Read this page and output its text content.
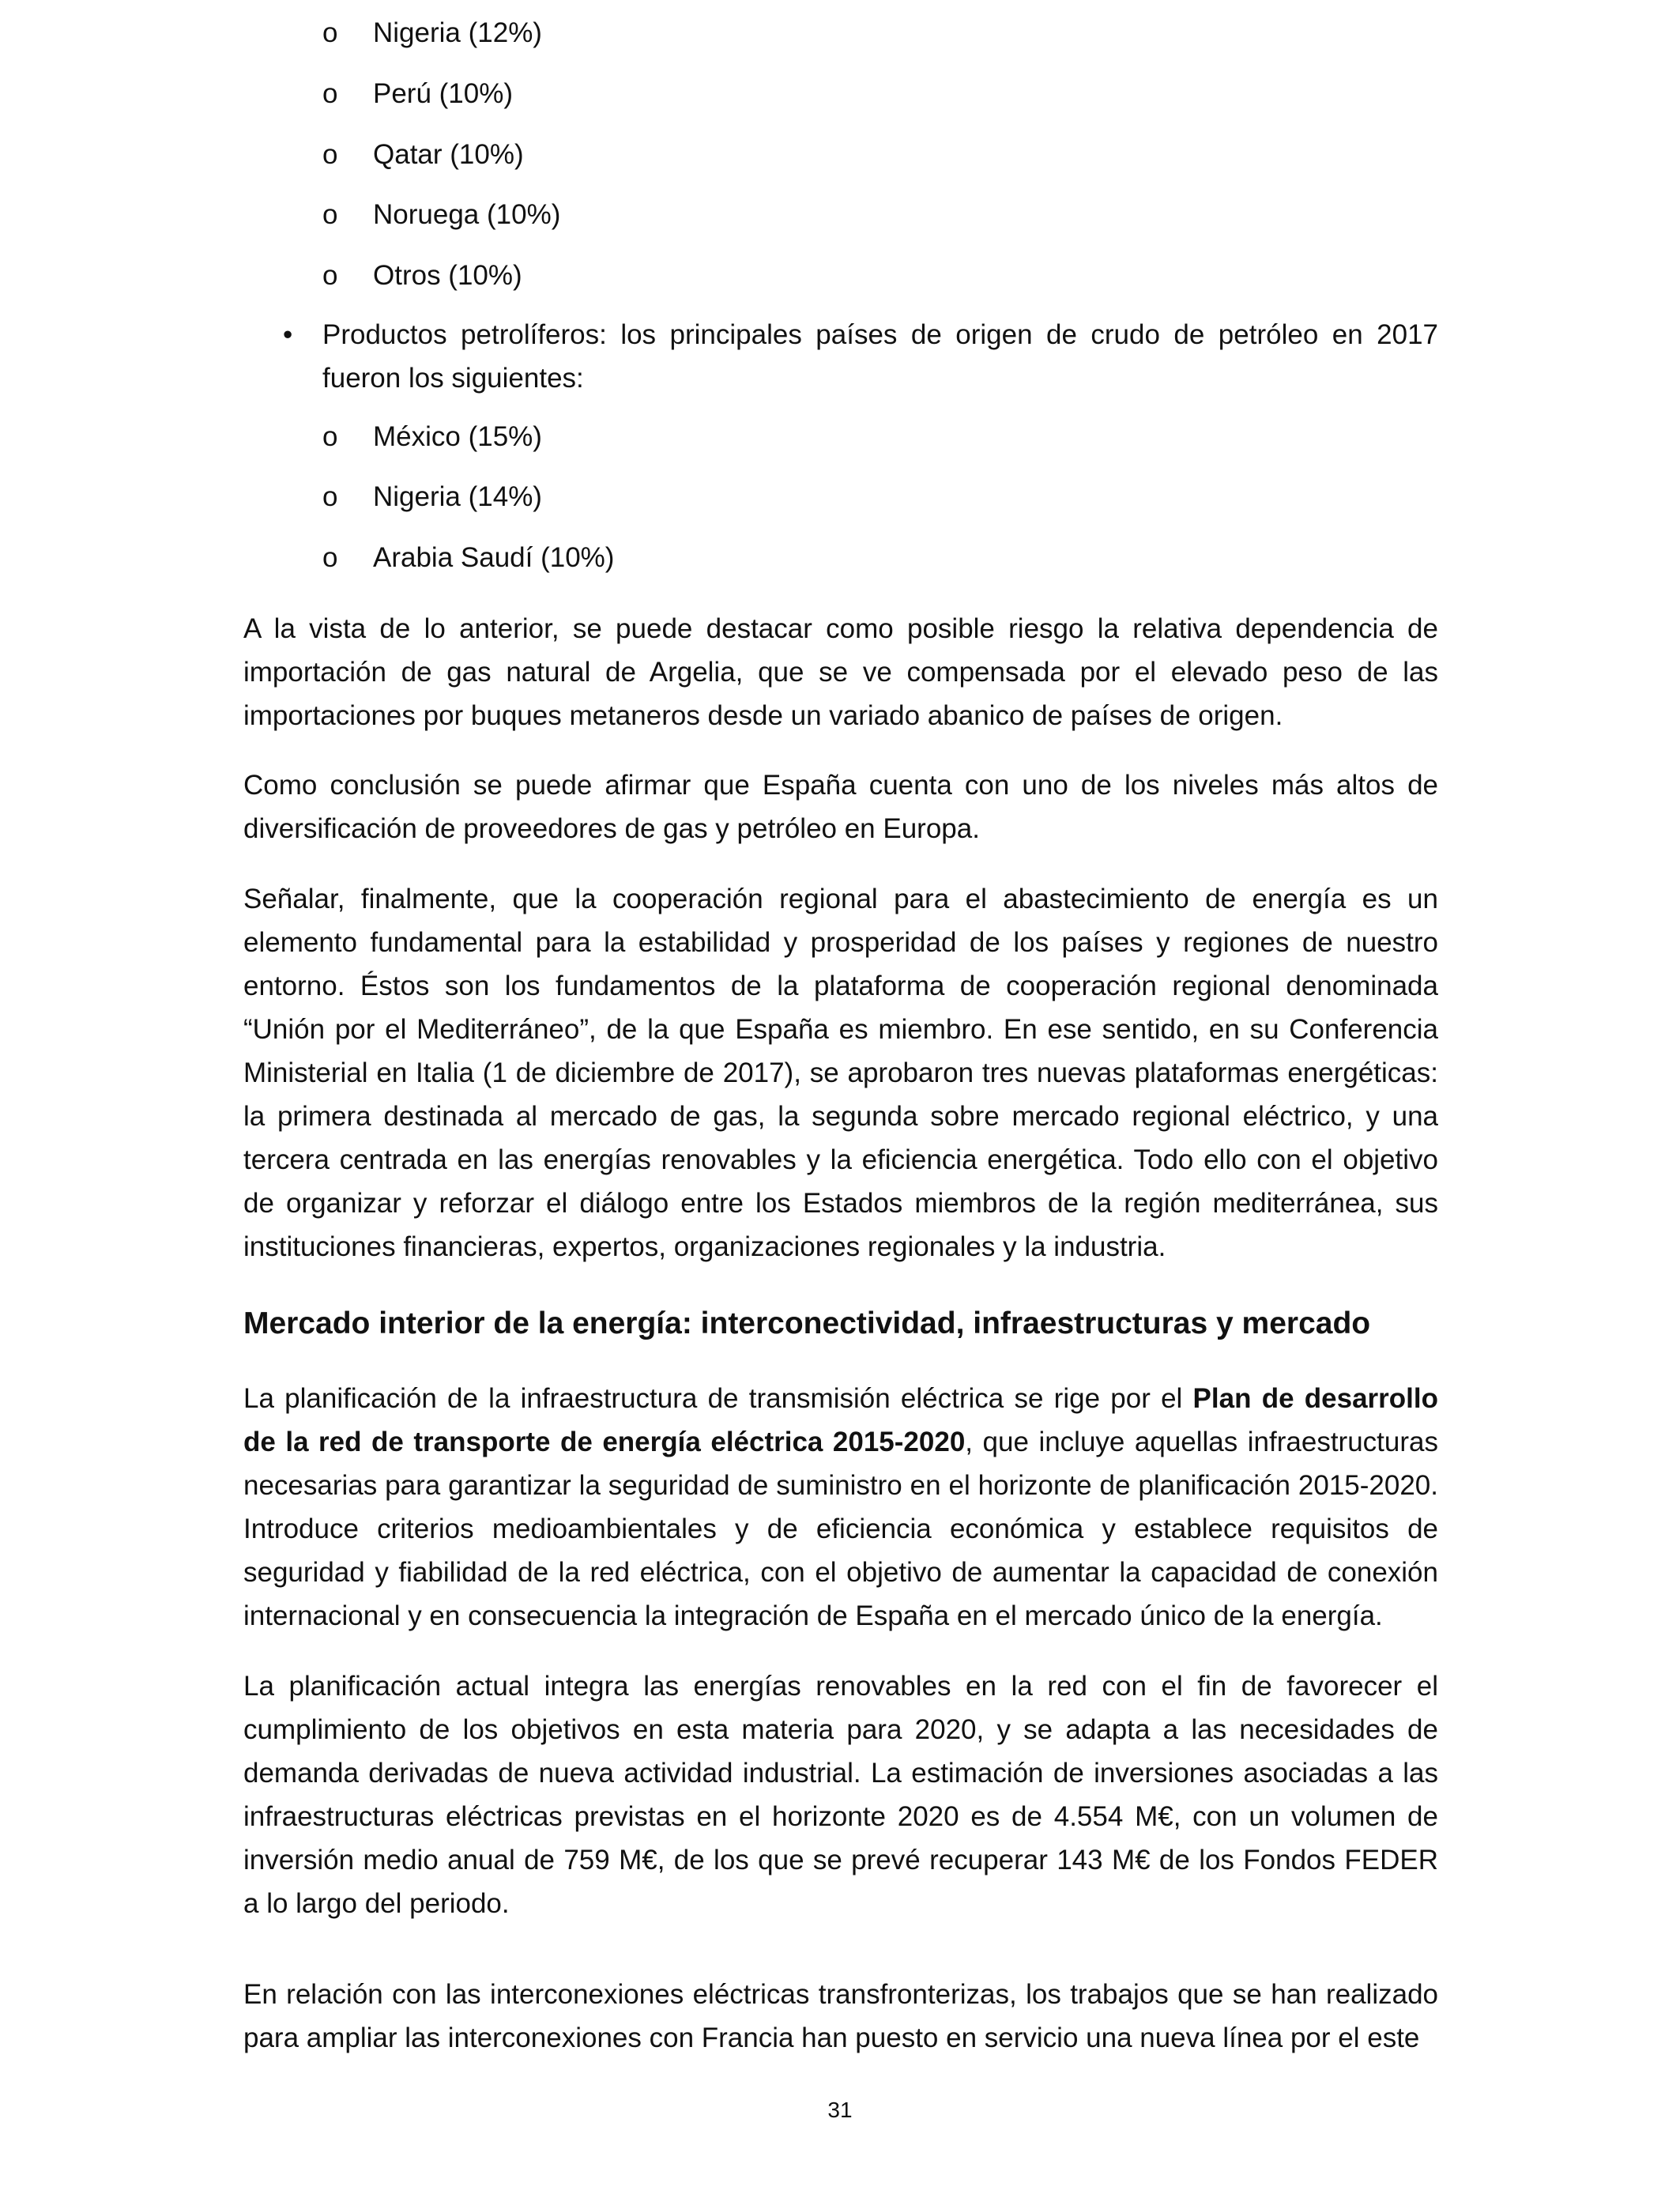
o	Nigeria (12%)
o	Perú (10%)
o	Qatar (10%)
o	Noruega (10%)
o	Otros (10%)
• Productos petrolíferos: los principales países de origen de crudo de petróleo en 2017 fueron los siguientes:
o	México (15%)
o	Nigeria (14%)
o	Arabia Saudí (10%)
A la vista de lo anterior, se puede destacar como posible riesgo la relativa dependencia de importación de gas natural de Argelia, que se ve compensada por el elevado peso de las importaciones por buques metaneros desde un variado abanico de países de origen.
Como conclusión se puede afirmar que España cuenta con uno de los niveles más altos de diversificación de proveedores de gas y petróleo en Europa.
Señalar, finalmente, que la cooperación regional para el abastecimiento de energía es un elemento fundamental para la estabilidad y prosperidad de los países y regiones de nuestro entorno. Éstos son los fundamentos de la plataforma de cooperación regional denominada “Unión por el Mediterráneo”, de la que España es miembro. En ese sentido, en su Conferencia Ministerial en Italia (1 de diciembre de 2017), se aprobaron tres nuevas plataformas energéticas: la primera destinada al mercado de gas, la segunda sobre mercado regional eléctrico, y una tercera centrada en las energías renovables y la eficiencia energética. Todo ello con el objetivo de organizar y reforzar el diálogo entre los Estados miembros de la región mediterránea, sus instituciones financieras, expertos, organizaciones regionales y la industria.
Mercado interior de la energía: interconectividad, infraestructuras y mercado
La planificación de la infraestructura de transmisión eléctrica se rige por el Plan de desarrollo de la red de transporte de energía eléctrica 2015-2020, que incluye aquellas infraestructuras necesarias para garantizar la seguridad de suministro en el horizonte de planificación 2015-2020. Introduce criterios medioambientales y de eficiencia económica y establece requisitos de seguridad y fiabilidad de la red eléctrica, con el objetivo de aumentar la capacidad de conexión internacional y en consecuencia la integración de España en el mercado único de la energía.
La planificación actual integra las energías renovables en la red con el fin de favorecer el cumplimiento de los objetivos en esta materia para 2020, y se adapta a las necesidades de demanda derivadas de nueva actividad industrial. La estimación de inversiones asociadas a las infraestructuras eléctricas previstas en el horizonte 2020 es de 4.554 M€, con un volumen de inversión medio anual de 759 M€, de los que se prevé recuperar 143 M€ de los Fondos FEDER a lo largo del periodo.
En relación con las interconexiones eléctricas transfronterizas, los trabajos que se han realizado para ampliar las interconexiones con Francia han puesto en servicio una nueva línea por el este
31
